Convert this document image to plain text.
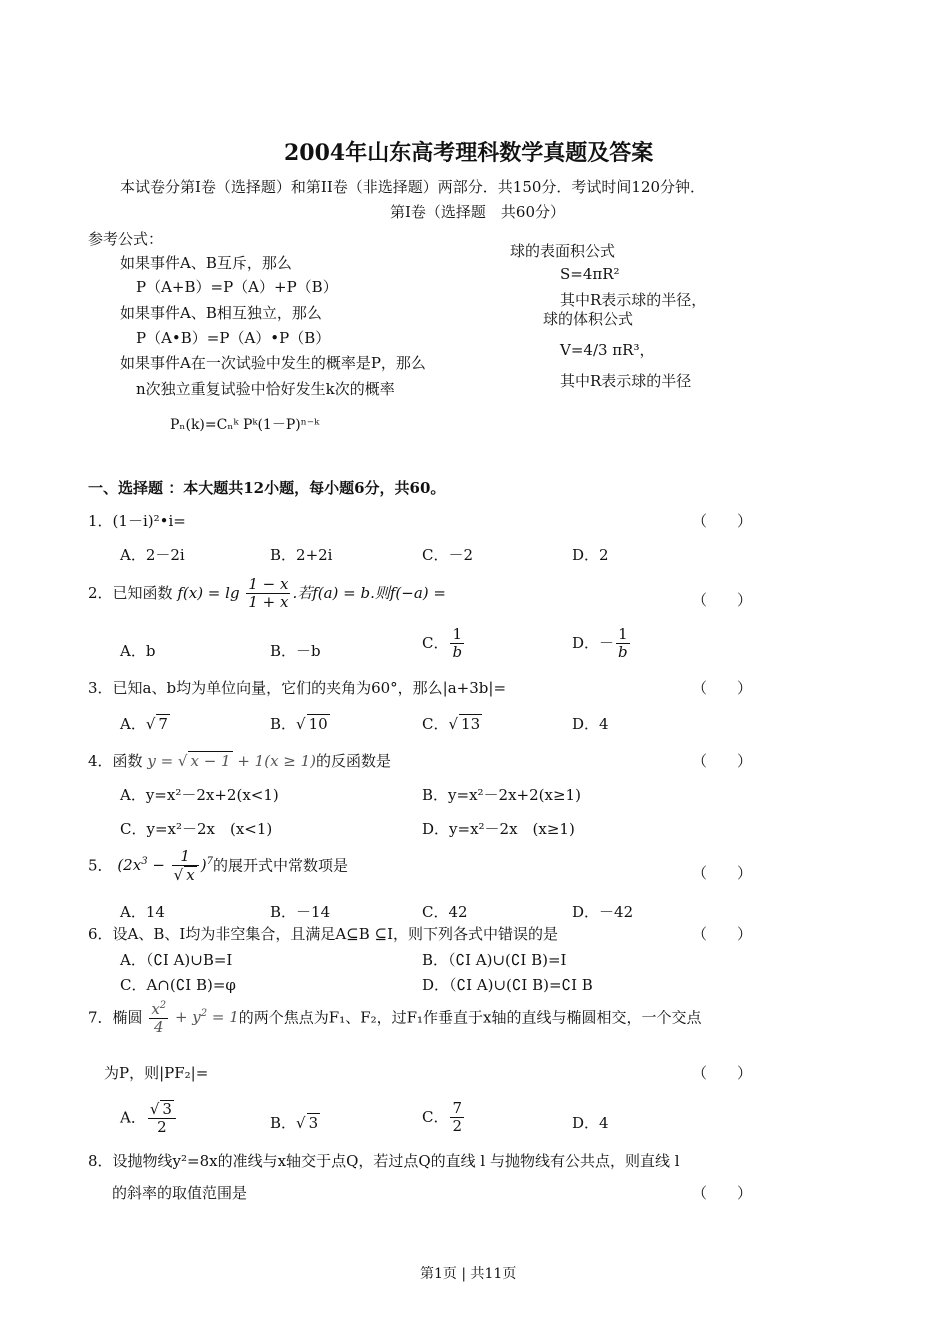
2004年山东高考理科数学真题及答案
本试卷分第Ⅰ卷（选择题）和第II卷（非选择题）两部分．共150分．考试时间120分钟．
第Ⅰ卷（选择题　共60分）
参考公式：
如果事件A、B互斥，那么
P（A+B）=P（A）+P（B）
如果事件A、B相互独立，那么
P（A•B）=P（A）•P（B）
如果事件A在一次试验中发生的概率是P，那么
n次独立重复试验中恰好发生k次的概率
Pₙ(k)=Cₙᵏ Pᵏ(1－P)ⁿ⁻ᵏ
球的表面积公式
S=4πR²
其中R表示球的半径，
球的体积公式
V=4/3 πR³，
其中R表示球的半径
一、选择题 ：本大题共12小题，每小题6分，共60。
1．(1－i)²•i=	（　　）
A．2－2i	B．2+2i	C．－2	D．2
2．已知函数 $f(x) = \lg \frac{1 - x}{1 + x}$ .若f(a) = b.则f(−a) =	（　　）
A．b	B．－b	C． $\frac{1}{b}$	D．－ $\frac{1}{b}$
3．已知a、b均为单位向量，它们的夹角为60°，那么|a+3b|=	（　　）
A．√ 7	B．√ 10	C．√ 13	D．4
4．函数 y = √ x − 1 + 1(x ≥ 1)的反函数是	（　　）
A．y=x²－2x+2(x<1)	B．y=x²－2x+2(x≥1)
C．y=x²－2x　(x<1)	D．y=x²－2x　(x≥1)
5． $(2x^3 - \frac{1}{√ x} )^7$的展开式中常数项是	（　　）
A．14	B．－14	C．42	D．－42
6．设A、B、I均为非空集合，且满足A⊆B ⊆I，则下列各式中错误的是	（　　）
A．（∁I A)∪B=I	B．（∁I A)∪(∁I B)=I
C．A∩(∁I B)=φ	D．（∁I A)∪(∁I B)=∁I B
7．椭圆 $\frac{x^2}{4} + y^2 = 1$的两个焦点为F₁、F₂，过F₁作垂直于x轴的直线与椭圆相交，一个交点
为P，则|PF₂|=	（　　）
A． $\frac{√ 3}{2}$	B．√ 3	C． $\frac{7}{2}$	D．4
8．设抛物线y²=8x的准线与x轴交于点Q，若过点Q的直线 l 与抛物线有公共点，则直线 l
的斜率的取值范围是	（　　）
第1页 | 共11页
